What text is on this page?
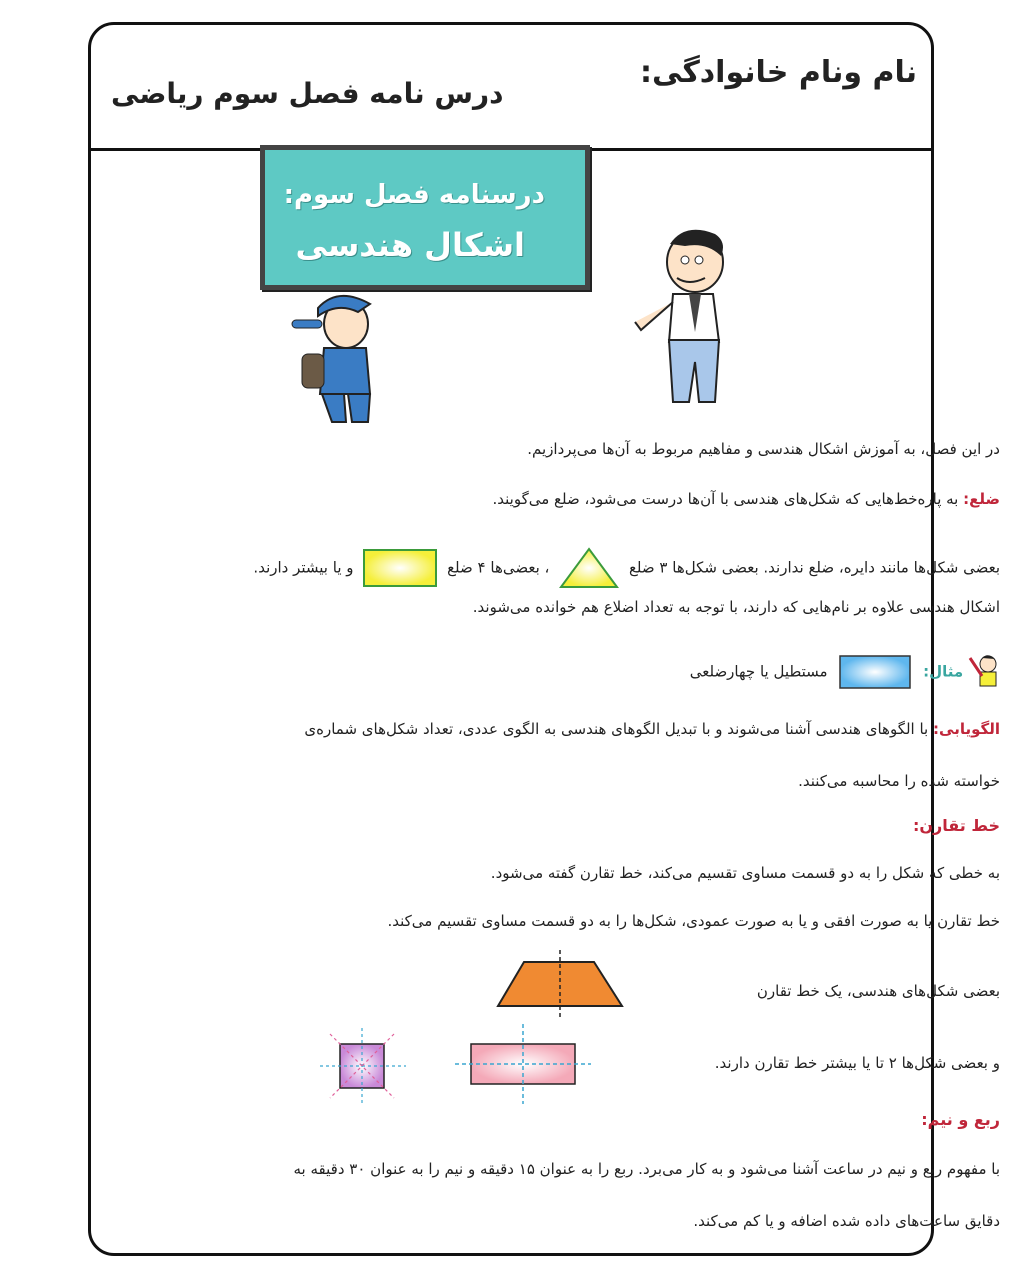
نام ونام خانوادگی:
درس نامه فصل سوم ریاضی
درسنامه فصل سوم:
اشکال هندسی
در این فصل، به آموزش اشکال هندسی و مفاهیم مربوط به آن‌ها می‌پردازیم.
ضلع: به پاره‌خط‌هایی که شکل‌های هندسی با آن‌ها درست می‌شود، ضلع می‌گویند.
بعضی شکل‌ها مانند دایره، ضلع ندارند. بعضی شکل‌ها ۳ ضلع  ، بعضی‌ها ۴ ضلع  و یا بیشتر دارند.
اشکال هندسی علاوه بر نام‌هایی که دارند، با توجه به تعداد اضلاع هم خوانده می‌شوند.
مثال:  مستطیل یا چهارضلعی
الگویابی: با الگوهای هندسی آشنا می‌شوند و با تبدیل الگوهای هندسی به الگوی عددی، تعداد شکل‌های شماره‌ی
خواسته شده را محاسبه می‌کنند.
خط تقارن:
به خطی که شکل را به دو قسمت مساوی تقسیم می‌کند، خط تقارن گفته می‌شود.
خط تقارن یا به صورت افقی و یا به صورت عمودی، شکل‌ها را به دو قسمت مساوی تقسیم می‌کند.
بعضی شکل‌های هندسی، یک خط تقارن
و بعضی شکل‌ها ۲ تا یا بیشتر خط تقارن دارند.
ربع و نیم:
با مفهوم ربع و نیم در ساعت آشنا می‌شود و به کار می‌برد. ربع را به عنوان ۱۵ دقیقه و نیم را به عنوان ۳۰ دقیقه به
دقایق ساعت‌های داده شده اضافه و یا کم می‌کند.
